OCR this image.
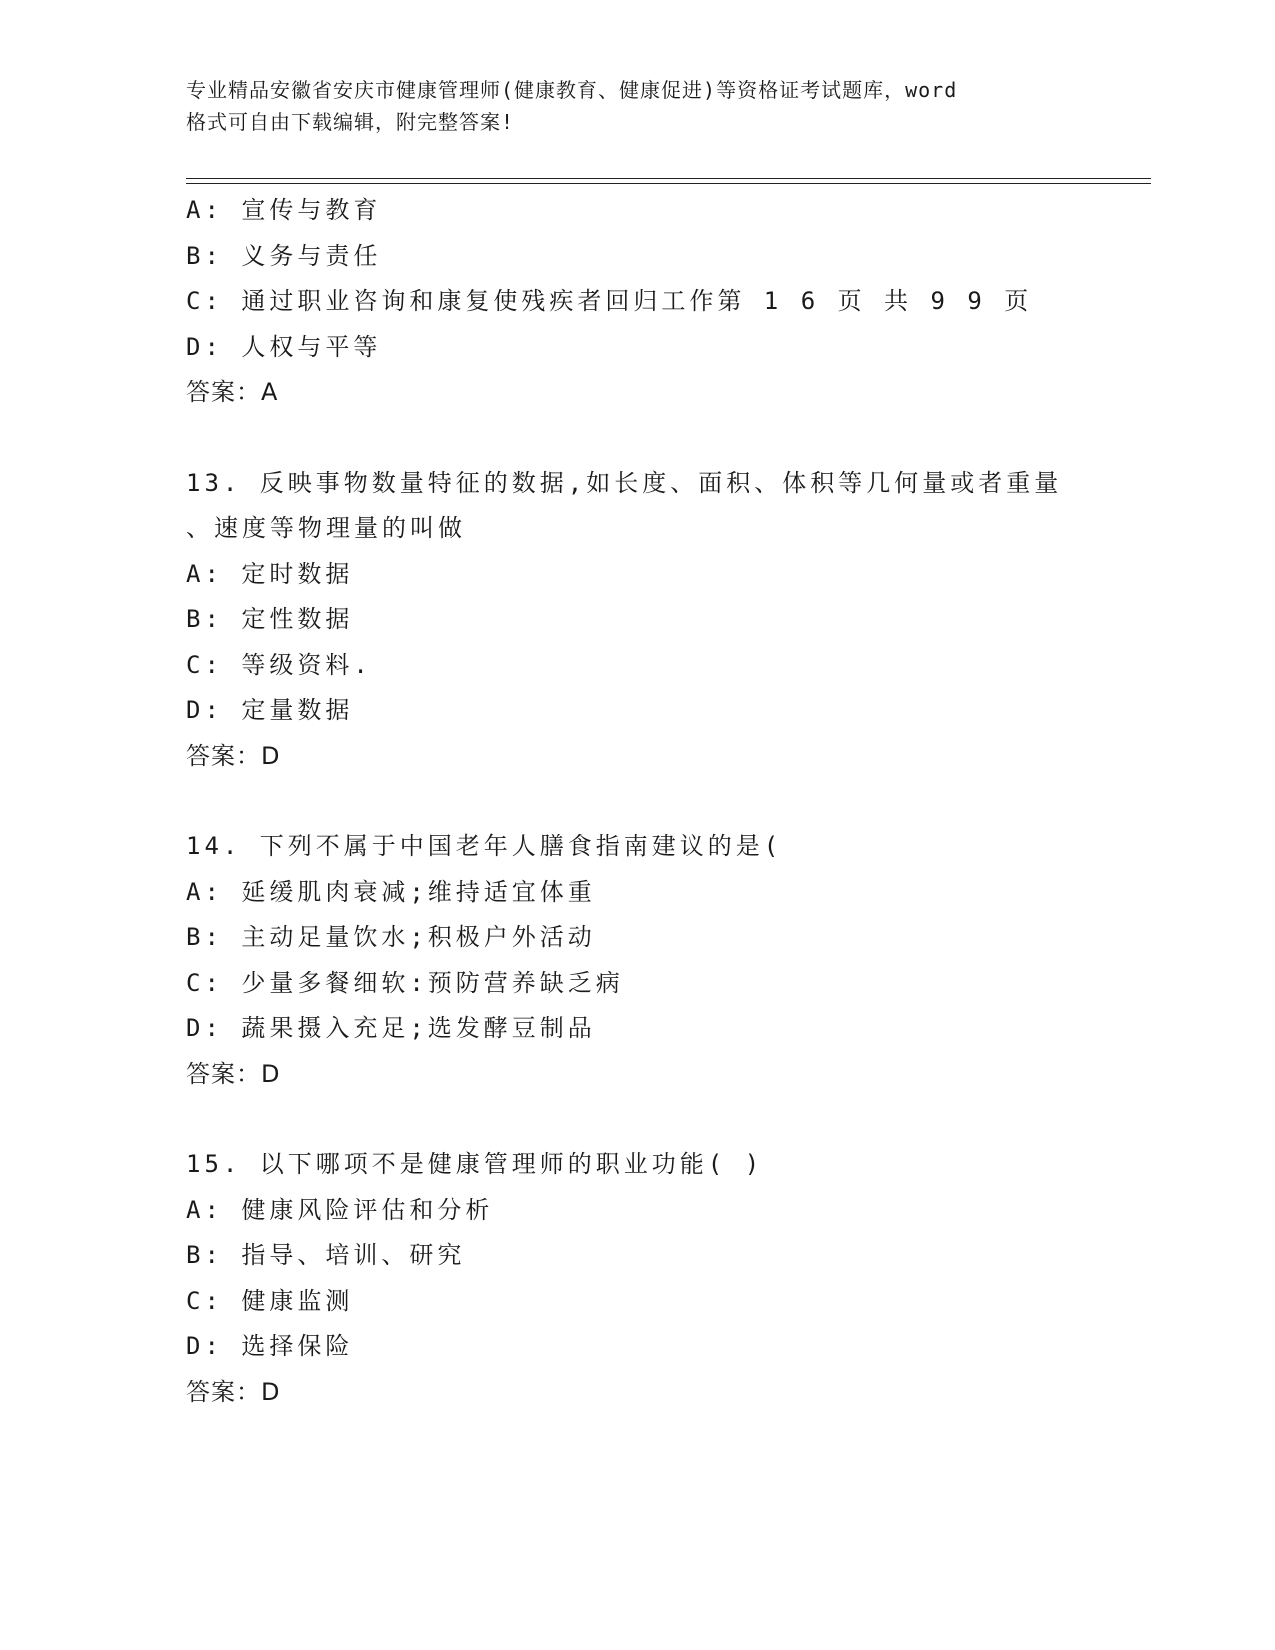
专业精品安徽省安庆市健康管理师(健康教育、健康促进)等资格证考试题库，word
格式可自由下载编辑，附完整答案!
A: 宣传与教育
B: 义务与责任
C: 通过职业咨询和康复使残疾者回归工作第 1 6 页 共 9 9 页
D: 人权与平等
答案：A
13. 反映事物数量特征的数据,如长度、面积、体积等几何量或者重量
、速度等物理量的叫做
A: 定时数据
B: 定性数据
C: 等级资料.
D: 定量数据
答案：D
14. 下列不属于中国老年人膳食指南建议的是(
A: 延缓肌肉衰减;维持适宜体重
B: 主动足量饮水;积极户外活动
C: 少量多餐细软:预防营养缺乏病
D: 蔬果摄入充足;选发酵豆制品
答案：D
15. 以下哪项不是健康管理师的职业功能( )
A: 健康风险评估和分析
B: 指导、培训、研究
C: 健康监测
D: 选择保险
答案：D
